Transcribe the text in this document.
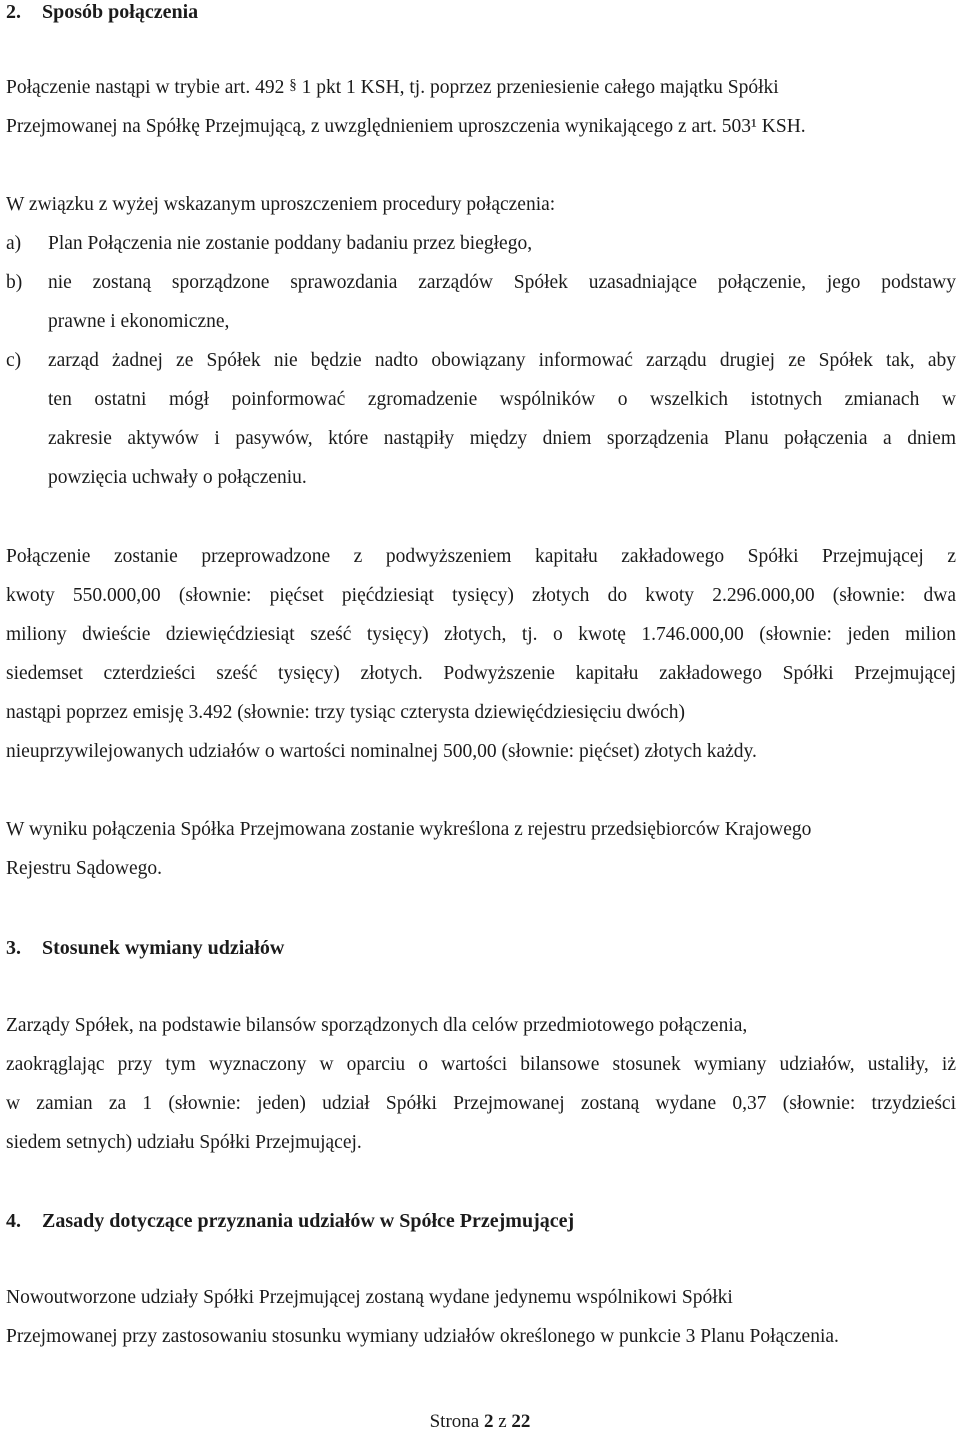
2. Sposób połączenia
Połączenie nastąpi w trybie art. 492 § 1 pkt 1 KSH, tj. poprzez przeniesienie całego majątku Spółki
Przejmowanej na Spółkę Przejmującą, z uwzględnieniem uproszczenia wynikającego z art. 503¹ KSH.
W związku z wyżej wskazanym uproszczeniem procedury połączenia:
a) Plan Połączenia nie zostanie poddany badaniu przez biegłego,
b) nie zostaną sporządzone sprawozdania zarządów Spółek uzasadniające połączenie, jego podstawy
prawne i ekonomiczne,
c) zarząd żadnej ze Spółek nie będzie nadto obowiązany informować zarządu drugiej ze Spółek tak, aby
ten ostatni mógł poinformować zgromadzenie wspólników o wszelkich istotnych zmianach w
zakresie aktywów i pasywów, które nastąpiły między dniem sporządzenia Planu połączenia a dniem
powzięcia uchwały o połączeniu.
Połączenie zostanie przeprowadzone z podwyższeniem kapitału zakładowego Spółki Przejmującej z
kwoty 550.000,00 (słownie: pięćset pięćdziesiąt tysięcy) złotych do kwoty 2.296.000,00 (słownie: dwa
miliony dwieście dziewięćdziesiąt sześć tysięcy) złotych, tj. o kwotę 1.746.000,00 (słownie: jeden milion
siedemset czterdzieści sześć tysięcy) złotych. Podwyższenie kapitału zakładowego Spółki Przejmującej
nastąpi poprzez emisję 3.492 (słownie: trzy tysiąc czterysta dziewięćdziesięciu dwóch)
nieuprzywilejowanych udziałów o wartości nominalnej 500,00 (słownie: pięćset) złotych każdy.
W wyniku połączenia Spółka Przejmowana zostanie wykreślona z rejestru przedsiębiorców Krajowego
Rejestru Sądowego.
3. Stosunek wymiany udziałów
Zarządy Spółek, na podstawie bilansów sporządzonych dla celów przedmiotowego połączenia,
zaokrąglając przy tym wyznaczony w oparciu o wartości bilansowe stosunek wymiany udziałów, ustaliły, iż
w zamian za 1 (słownie: jeden) udział Spółki Przejmowanej zostaną wydane 0,37 (słownie: trzydzieści
siedem setnych) udziału Spółki Przejmującej.
4. Zasady dotyczące przyznania udziałów w Spółce Przejmującej
Nowoutworzone udziały Spółki Przejmującej zostaną wydane jedynemu wspólnikowi Spółki
Przejmowanej przy zastosowaniu stosunku wymiany udziałów określonego w punkcie 3 Planu Połączenia.
Strona 2 z 22
